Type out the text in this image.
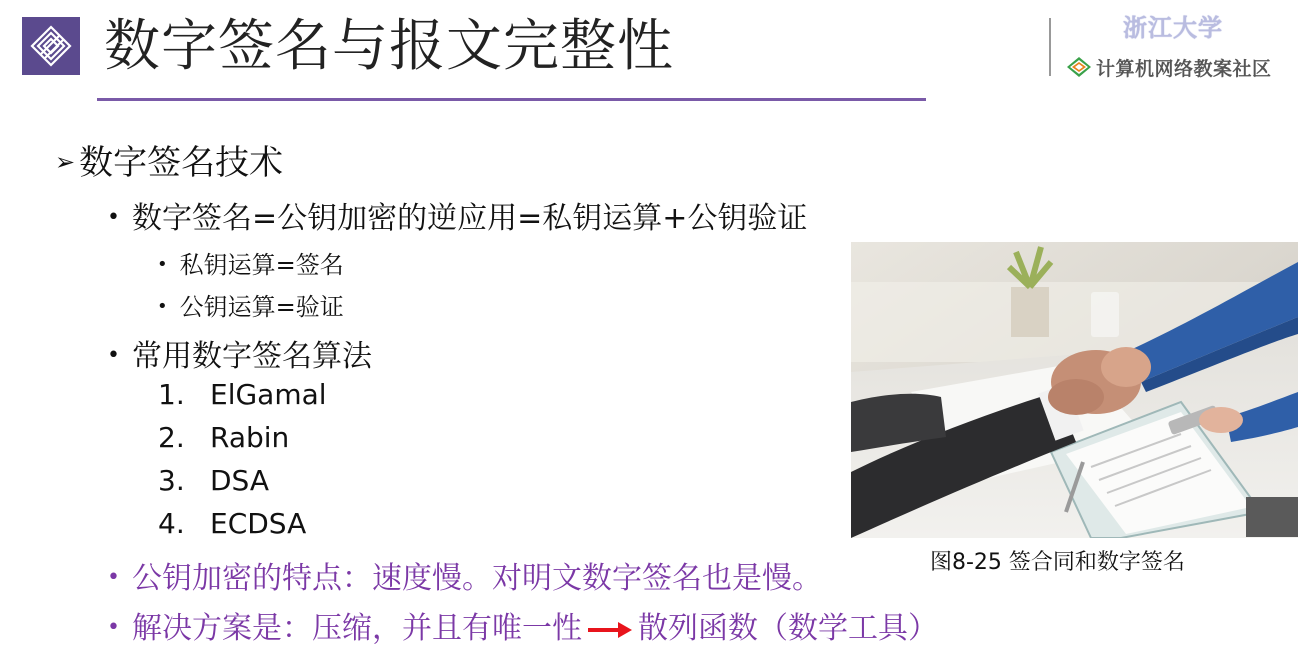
数字签名与报文完整性	浙江大学
计算机网络教案社区
➢ 数字签名技术
• 数字签名=公钥加密的逆应用=私钥运算+公钥验证
• 私钥运算=签名
• 公钥运算=验证
• 常用数字签名算法
1. ElGamal
2. Rabin
3. DSA
4. ECDSA
• 公钥加密的特点：速度慢。对明文数字签名也是慢。
• 解决方案是：压缩，并且有唯一性 散列函数（数学工具）
图8-25 签合同和数字签名
